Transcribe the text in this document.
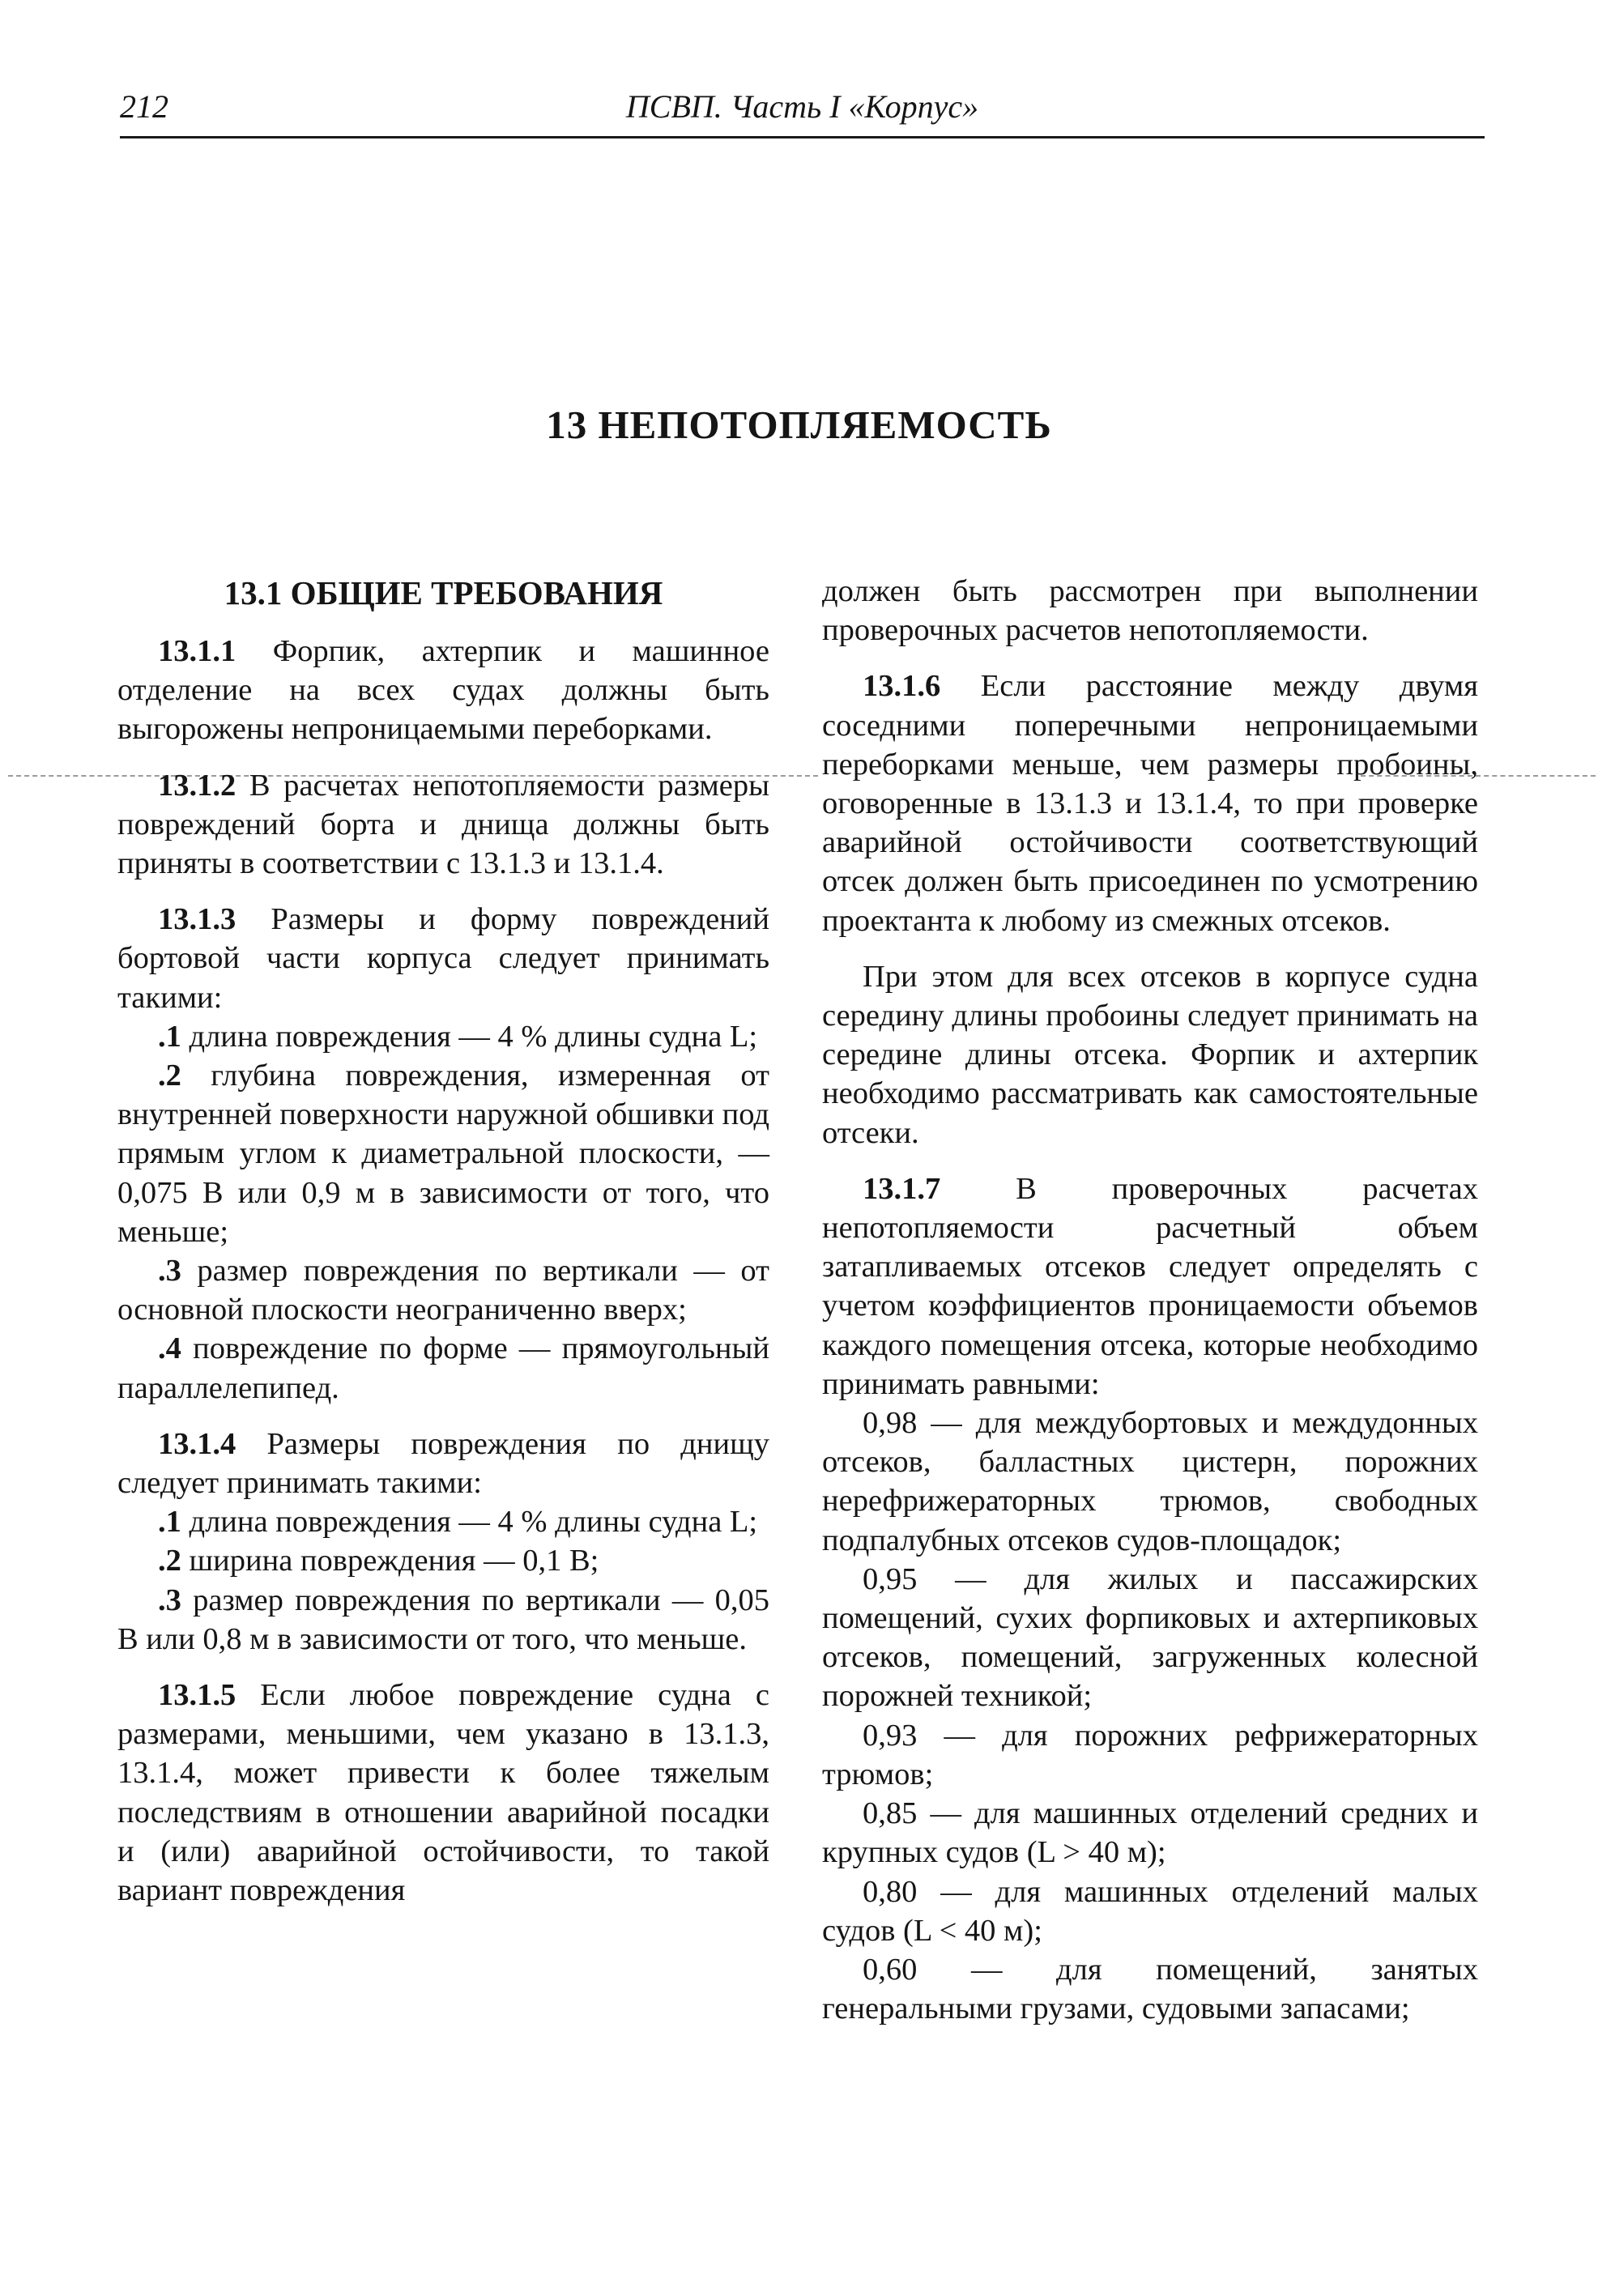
212	ПСВП. Часть I «Корпус»
13 НЕПОТОПЛЯЕМОСТЬ
13.1 ОБЩИЕ ТРЕБОВАНИЯ

13.1.1 Форпик, ахтерпик и машинное отделение на всех судах должны быть выгорожены непроницаемыми переборками.

13.1.2 В расчетах непотопляемости размеры повреждений борта и днища должны быть приняты в соответствии с 13.1.3 и 13.1.4.

13.1.3 Размеры и форму повреждений бортовой части корпуса следует принимать такими:

.1 длина повреждения — 4 % длины судна L;

.2 глубина повреждения, измеренная от внутренней поверхности наружной обшивки под прямым углом к диаметральной плоскости, — 0,075 B или 0,9 м в зависимости от того, что меньше;

.3 размер повреждения по вертикали — от основной плоскости неограниченно вверх;

.4 повреждение по форме — прямоугольный параллелепипед.

13.1.4 Размеры повреждения по днищу следует принимать такими:

.1 длина повреждения — 4 % длины судна L;

.2 ширина повреждения — 0,1 B;

.3 размер повреждения по вертикали — 0,05 B или 0,8 м в зависимости от того, что меньше.

13.1.5 Если любое повреждение судна с размерами, меньшими, чем указано в 13.1.3, 13.1.4, может привести к более тяжелым последствиям в отношении аварийной посадки и (или) аварийной остойчивости, то такой вариант повреждения

должен быть рассмотрен при выполнении проверочных расчетов непотопляемости.

13.1.6 Если расстояние между двумя соседними поперечными непроницаемыми переборками меньше, чем размеры пробоины, оговоренные в 13.1.3 и 13.1.4, то при проверке аварийной остойчивости соответствующий отсек должен быть присоединен по усмотрению проектанта к любому из смежных отсеков.

При этом для всех отсеков в корпусе судна середину длины пробоины следует принимать на середине длины отсека. Форпик и ахтерпик необходимо рассматривать как самостоятельные отсеки.

13.1.7 В проверочных расчетах непотопляемости расчетный объем затапливаемых отсеков следует определять с учетом коэффициентов проницаемости объемов каждого помещения отсека, которые необходимо принимать равными:

0,98 — для междубортовых и междудонных отсеков, балластных цистерн, порожних нерефрижераторных трюмов, свободных подпалубных отсеков судов-площадок;

0,95 — для жилых и пассажирских помещений, сухих форпиковых и ахтерпиковых отсеков, помещений, загруженных колесной порожней техникой;

0,93 — для порожних рефрижераторных трюмов;

0,85 — для машинных отделений средних и крупных судов (L > 40 м);

0,80 — для машинных отделений малых судов (L < 40 м);

0,60 — для помещений, занятых генеральными грузами, судовыми запасами;
